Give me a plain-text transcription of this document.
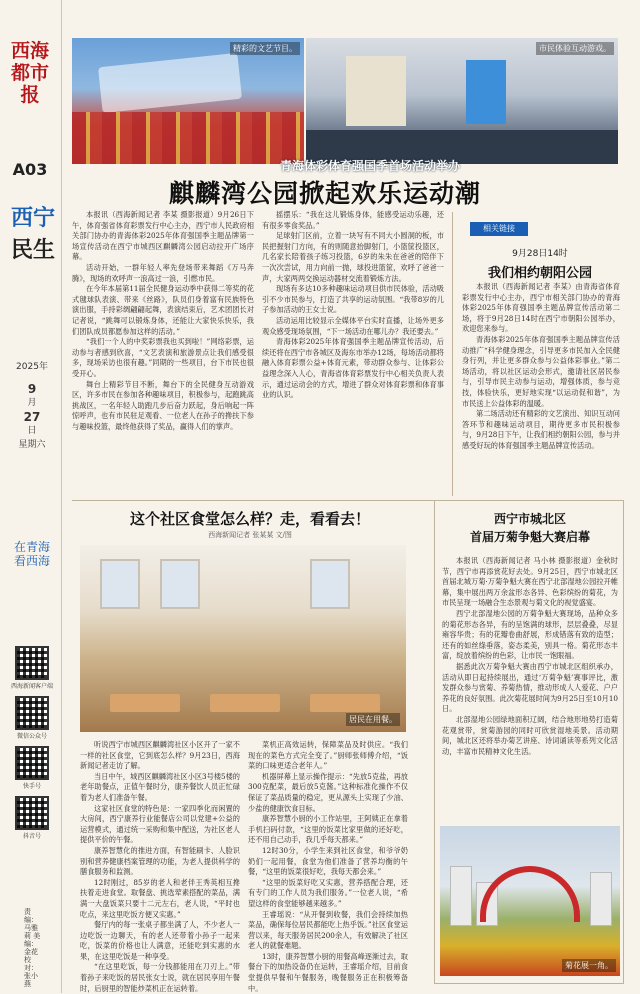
西海都市报
A03
西宁
民生
2025年
9
月
27
日
星期六
在青海 看西海
西海新闻客户端
微信公众号
快手号
抖音号
责编：马雅莉 美编：金花 校对：张小燕
精彩的文艺节目。	市民体验互动游戏。
青海体彩体育强国季首场活动举办
麒麟湾公园掀起欢乐运动潮

本报讯（西海新闻记者 李某 摄影报道）9月26日下午，体育强省体育彩票发行中心主办，西宁市人民政府相关部门协办的青海体彩2025年体育强国季主题品牌第一场宣传活动在西宁市城西区麒麟湾公园启动拉开广场序幕。

活动开始，一群年轻人率先登场带来舞蹈《万马奔腾》，现场的欢呼声一浪高过一浪，引燃市民。

在今年本届第11届全民健身运动季中获得二等奖的花式毽球队表演、带来《丝路》，队员们身着富有民族特色演出服，手持彩绸翩翩起舞，表演结束后，艺术团团长对记者说，“跳舞可以锻炼身体，还能让大家快乐快乐，我们团队成员都愿参加这样的活动。”

“我们一个人的中奖彩票我也买到啦！”网络彩票，运动参与者感到欣喜，“文艺表演和旅游景点让我们感受很多，现场采访也很有趣。”同期的一些项目，台下市民也很受开心。

舞台上精彩节目不断，舞台下的全民健身互动游戏区，许多市民在参加各种趣味项目，积极参与，起跑跳高挑战区，一名年轻人助跑几步后奋力跃起，身后响起一阵惊呼声，也有市民驻足观看、一位老人在孙子的搀扶下参与趣味投篮，最终他获得了奖品，赢得人们的掌声。

摇摆乐：“我在这儿锻炼身体，能感受运动乐趣，还有很多零食奖品。”

足球射门区前，立着一块写有不同大小圆洞的板，市民把握射门方向，有的则随意抬脚射门，小篮筐投篮区，几名家长陪着孩子练习投篮，6岁的朱朱在爸爸的陪伴下一次次尝试，用力向前一抛，球投进篮筐，欢呼了爸爸一声，大家两两交换运动器材交流着锻炼方法。

现场有多达10多种趣味运动项目供市民体验，活动吸引不少市民参与，打造了共享的运动氛围。“我带8岁的儿子参加活动的王女士说。

活动运用比较显示全媒体平台实时直播，让场外更多观众感受现场氛围，“下一场活动在哪儿办？我还要去。”

青海体彩2025年体育强国季主题品牌宣传活动，后续还将在西宁市各城区及海东市举办12场，每场活动都将融入体育彩票公益+体育元素，带动群众参与、让体彩公益理念深入人心，青海省体育彩票发行中心相关负责人表示，通过运动会的方式，增进了群众对体育彩票和体育事业的认识。

相关链接
9月28日14时
我们相约朝阳公园

本报讯（西海新闻记者 李某）由青海省体育彩票发行中心主办，西宁市相关部门协办的青海体彩2025年体育强国季主题品牌宣传活动第二场，将于9月28日14时在西宁市朝阳公园举办，欢迎您来参与。

青海体彩2025年体育强国季主题品牌宣传活动推广“科学健身理念，引导更多市民加入全民健身行列，并让更多群众参与公益体彩事业。”第二场活动，将以社区运动会形式，邀请社区居民参与，引导市民主动参与运动，增强体质，参与竞技，体验快乐，更好地实现“以运动促和谐”，为市民送上公益体彩的温暖。

第二场活动还有精彩的文艺演出、知识互动问答环节和趣味运动项目，期待更多市民积极参与，9月28日下午，让我们相约朝阳公园，参与并感受好玩的体育强国季主题品牌宣传活动。

这个社区食堂怎么样？走，看看去！
西海新闻记者 张某某 文/图
居民在用餐。

听说西宁市城西区麒麟湾社区小区开了一家不一样的社区食堂，它到底怎么样？9月23日，西海新闻记者走访了解。

当日中午，城西区麒麟湾社区小区3号楼5楼的老年助餐点，正值午餐时分，康养餐饮人员正忙碌着为老人们准备午餐。

这家社区食堂的特色是：一家四季化而闲置的大房间，西宁康养行业能餐店公司以党建+公益的运营模式，通过统一采购和集中配送，为社区老人提供平价的午餐。

康养智慧化的推进方面，有智能刷卡、人脸识别和营养健康档案管理的功能，为老人提供科学的膳食服务和监测。

12时刚过，85岁的老人和老伴王秀英相互搀扶着走进食堂。取餐盘、挑选荤素搭配的菜品，满满一大盘饭菜只要十二元左右，老人说，“平时也吃点，来这里吃饭方便又实惠。”

餐厅内的每一张桌子都坐满了人，不少老人一边吃饭一边聊天，有的老人还带着小孙子一起来吃，饭菜的价格也让人满意，还能吃到实惠的水果，在这里吃饭是一种享受。

“在这里吃饭，每一分钱都能用在刀刃上。”带着孙子来吃饭的居民张女士说，就在居民享用午餐时，后厨里的智能炒菜机正在运转着。

菜机正高效运转，保障菜品及时供应。“我们现在的菜色方式完全变了。”厨师张师傅介绍，“饭菜的口味更适合老年人。”

机器屏幕上显示操作提示：“先放5克盐，再放300克配菜，最后放5克酱。”这种标准化操作不仅保证了菜品质量的稳定，更从源头上实现了少油、少盐的健康饮食目标。

康养智慧小厨的小工作站里，王阿姨正在拿着手机扫码付款，“这里的饭菜比家里做的还好吃，还不用自己动手，我几乎每天都来。”

12时30分，小学生来到社区食堂，和爷爷奶奶们一起用餐，食堂为他们准备了营养均衡的午餐，“这里的饭菜很好吃，我每天都会来。”

“这里的饭菜好吃又实惠，营养搭配合理，还有专门的工作人员为我们服务。”一位老人说，“希望这样的食堂能够越来越多。”

王睿瑶说：“从开餐到收餐，我们会持续加热菜品，确保每位居民都能吃上热乎饭。”社区食堂运营以来，每天服务居民200余人，有效解决了社区老人的就餐难题。

13时，康养智慧小厨的用餐高峰逐渐过去，取餐台下的加热设备仍在运转，王睿瑶介绍，目前食堂提供早餐和午餐服务，晚餐服务正在积极筹备中。

西宁市城北区
首届万菊争魁大赛启幕

本报讯（西海新闻记者 马小林 摄影报道）金秋时节，西宁市再添赏花好去处。9月25日，西宁市城北区首届北城万菊·万菊争魁大赛在西宁北部湿地公园拉开帷幕，集中展出两万余盆形态各异、色彩缤纷的菊花，为市民呈现一场融合生态景观与菊文化的视觉盛宴。

西宁北部湿地公园的万菊争魁大赛现场，品种众多的菊花形态各异，有的呈饱满的球形，层层叠叠，尽显雍容华贵；有的花瓣卷曲舒展，形成错落有致的造型；还有的如丝绦垂落，姿态柔美，别具一格。菊花形态丰富，绽放着缤纷的色彩，让市民一饱眼福。

据悉此次万菊争魁大赛由西宁市城北区组织承办，活动从即日起持续展出，通过‘万菊争魁’赛事评比，激发群众参与赏菊、养菊热情，推动形成人人爱花、户户养花的良好氛围。此次菊花展时间为9月25日至10月10日。

北部湿地公园绿地面积辽阔，结合地形地势打造菊花观赏带，赏菊游园的同时可欣赏湿地美景。活动期间，城北区还将举办菊艺讲座、诗词诵读等系列文化活动，丰富市民精神文化生活。

菊花展一角。
